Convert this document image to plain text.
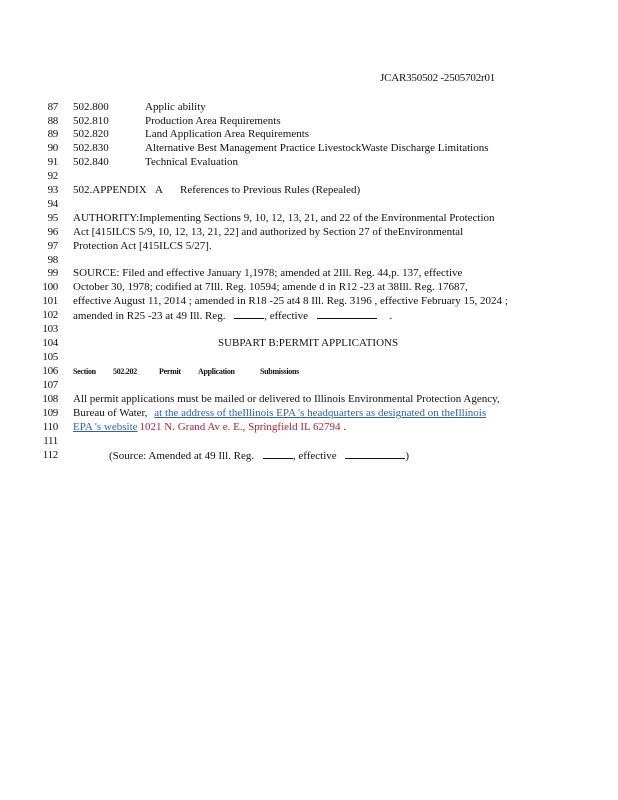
JCAR350502 -2505702r01
87 502.800	Applic ability
88 502.810	Production Area Requirements
89 502.820	Land Application Area Requirements
90 502.830	Alternative Best Management Practice LivestockWaste Discharge Limitations
91 502.840	Technical Evaluation
92
93 502.APPENDIX A References to Previous Rules (Repealed)
94
95 AUTHORITY:Implementing Sections 9, 10, 12, 13, 21, and 22 of the Environmental Protection
96 Act [415ILCS 5/9, 10, 12, 13, 21, 22] and authorized by Section 27 of theEnvironmental
97 Protection Act [415ILCS 5/27].
98
99 SOURCE: Filed and effective January 1,1978; amended at 2Ill. Reg. 44,p. 137, effective
100 October 30, 1978; codified at 7Ill. Reg. 10594; amende d in R12 -23 at 38Ill. Reg. 17687,
101 effective August 11, 2014 ; amended in R18 -25 at4 8 Ill. Reg. 3196 , effective February 15, 2024 ;
102 amended in R25 -23 at 49 Ill. Reg.	, effective	.
103
104	SUBPART B:PERMIT APPLICATIONS
105
106 Section 502.202	Permit Application	Submissions
107
108 All permit applications must be mailed or delivered to Illinois Environmental Protection Agency,
109 Bureau of Water, at the address of theIllinois EPA 's headquarters as designated on theIllinois
110 EPA 's website 1021 N. Grand Av e. E., Springfield IL 62794 .
111
112	(Source: Amended at 49 Ill. Reg.	, effective	)
